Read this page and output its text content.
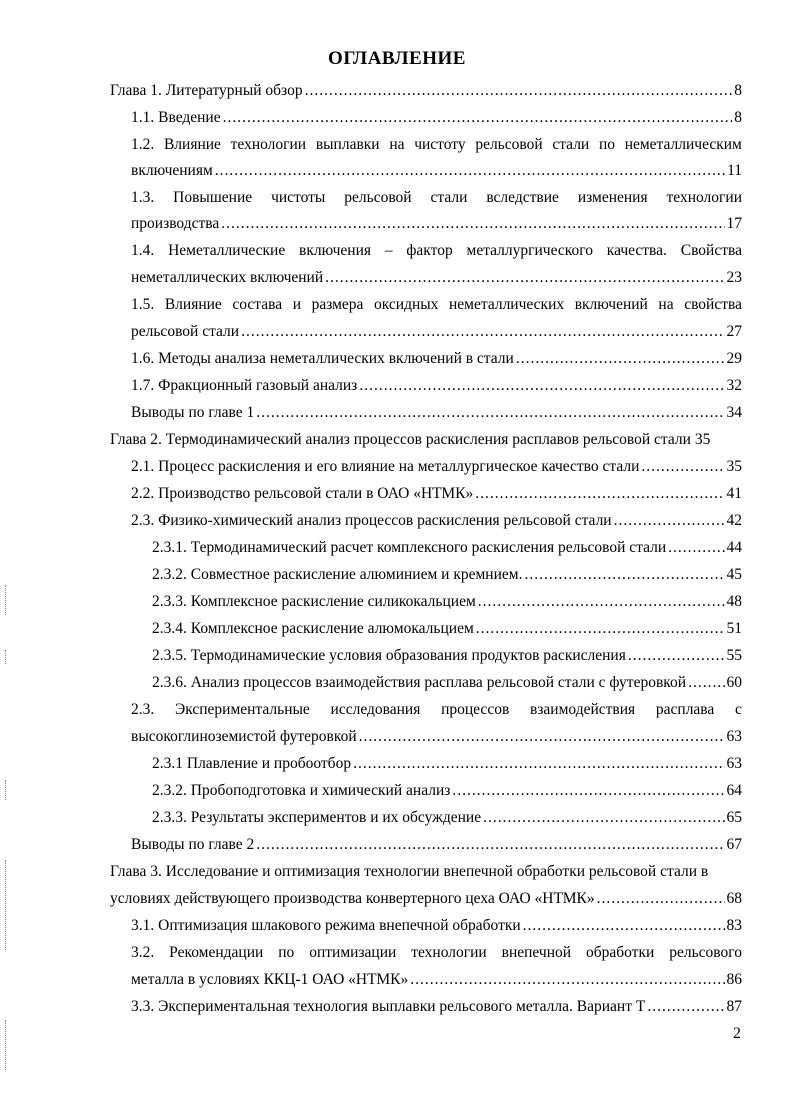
ОГЛАВЛЕНИЕ
Глава 1. Литературный обзор .....	8
1.1. Введение .....	8
1.2. Влияние технологии выплавки на чистоту рельсовой стали по неметаллическим
включениям .....	11
1.3. Повышение чистоты рельсовой стали вследствие изменения технологии
производства .....	17
1.4. Неметаллические включения – фактор металлургического качества. Свойства
неметаллических включений .....	23
1.5. Влияние состава и размера оксидных неметаллических включений на свойства
рельсовой стали .....	27
1.6. Методы анализа неметаллических включений в стали .....	29
1.7. Фракционный газовый анализ .....	32
Выводы по главе 1 .....	34
Глава 2. Термодинамический анализ процессов раскисления расплавов рельсовой стали 35
2.1. Процесс раскисления и его влияние на металлургическое качество стали .....	35
2.2. Производство рельсовой стали в ОАО «НТМК» .....	41
2.3. Физико-химический анализ процессов раскисления рельсовой стали .....	42
2.3.1. Термодинамический расчет комплексного раскисления рельсовой стали .....	44
2.3.2. Совместное раскисление алюминием и кремнием. .....	45
2.3.3. Комплексное раскисление силикокальцием .....	48
2.3.4. Комплексное раскисление алюмокальцием .....	51
2.3.5. Термодинамические условия образования продуктов раскисления .....	55
2.3.6. Анализ процессов взаимодействия расплава рельсовой стали с футеровкой .....	60
2.3. Экспериментальные исследования процессов взаимодействия расплава с
высокоглиноземистой футеровкой .....	63
2.3.1 Плавление и пробоотбор .....	63
2.3.2. Пробоподготовка и химический анализ .....	64
2.3.3. Результаты экспериментов и их обсуждение .....	65
Выводы по главе 2 .....	67
Глава 3. Исследование и оптимизация технологии внепечной обработки рельсовой стали в
условиях действующего производства конвертерного цеха ОАО «НТМК» .....	68
3.1. Оптимизация шлакового режима внепечной обработки .....	83
3.2. Рекомендации по оптимизации технологии внепечной обработки рельсового
металла в условиях ККЦ-1 ОАО «НТМК» .....	86
3.3. Экспериментальная технология выплавки рельсового металла. Вариант Т .....	87
2
